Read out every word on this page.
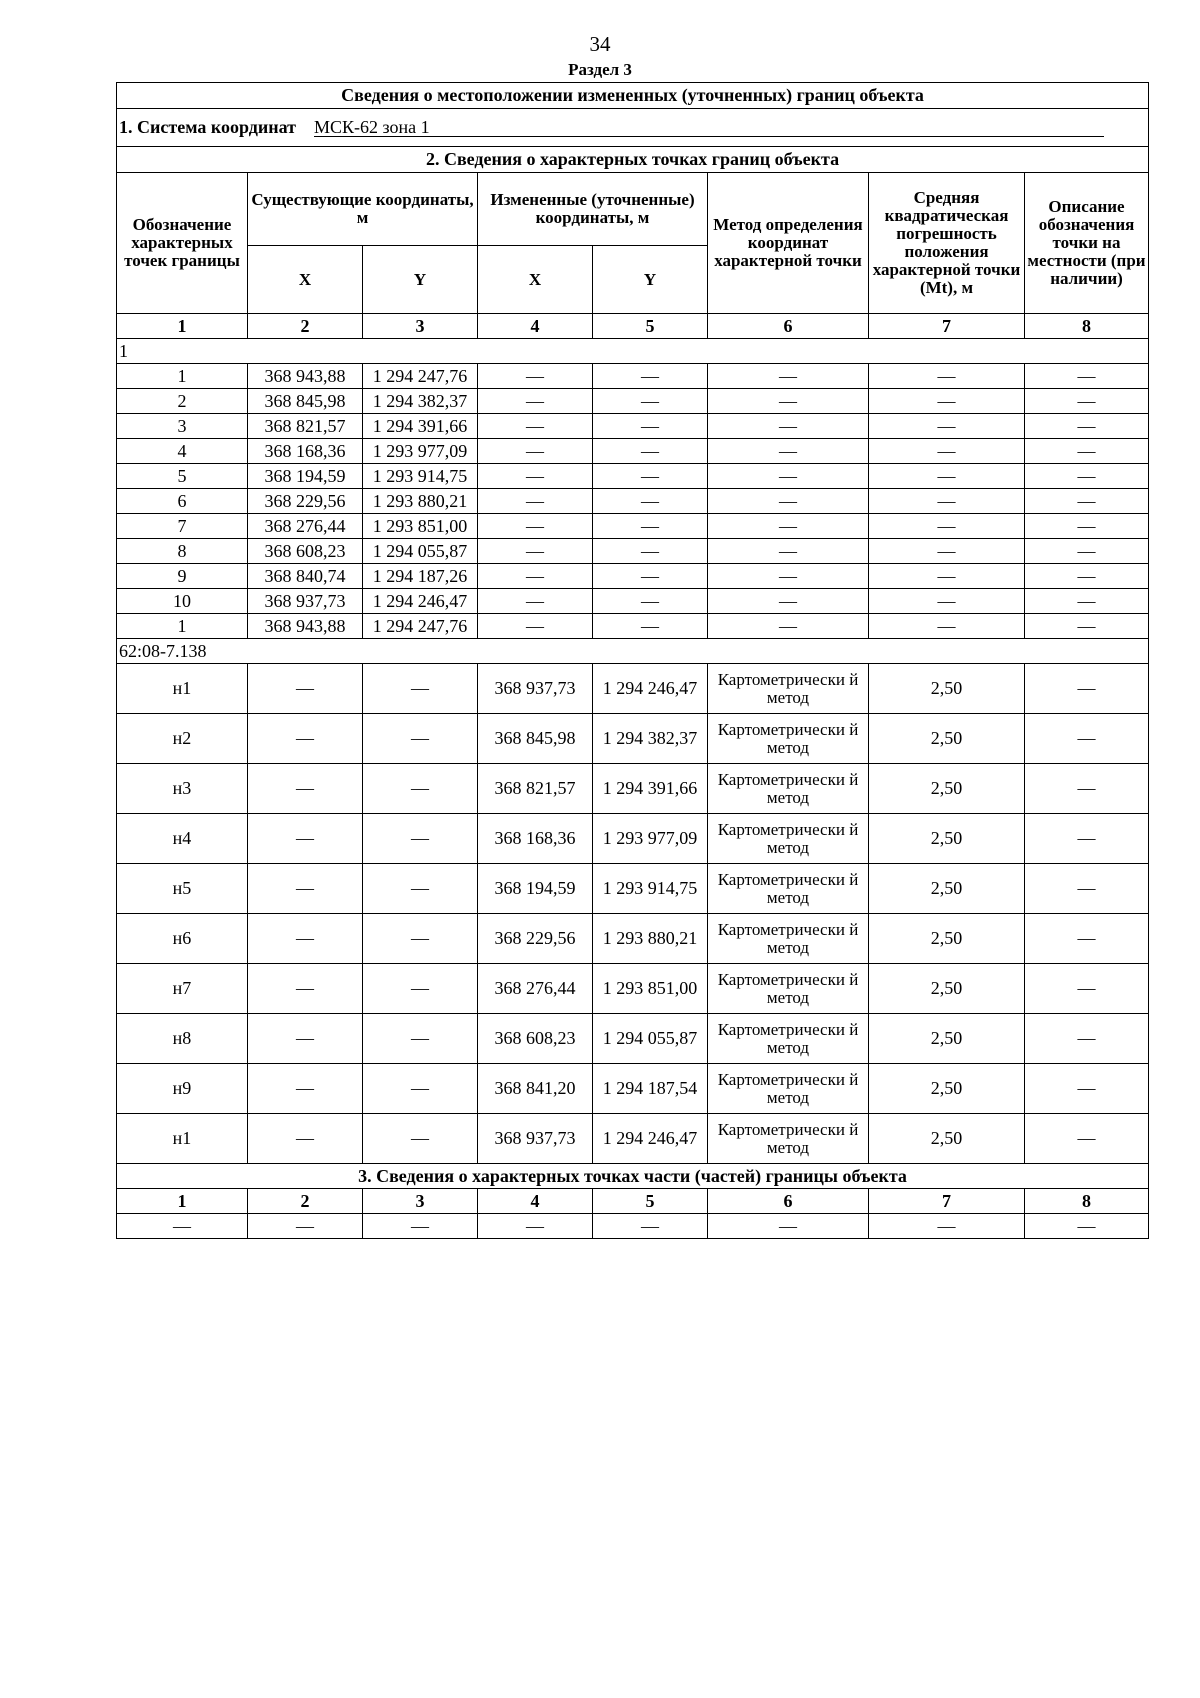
34
Раздел 3
Сведения о местоположении измененных (уточненных) границ объекта							
1. Система координат МСК-62 зона 1							
2. Сведения о характерных точках границ объекта							
Обозначение характерных точек границы	Существующие координаты, м		Измененные (уточненные) координаты, м		Метод определения координат характерной точки	Средняя квадратическая погрешность положения характерной точки (Mt), м	Описание обозначения точки на местности (при наличии)
	X	Y	X	Y			
1	2	3	4	5	6	7	8
1							
1	368 943,88	1 294 247,76	—	—	—	—	—
2	368 845,98	1 294 382,37	—	—	—	—	—
3	368 821,57	1 294 391,66	—	—	—	—	—
4	368 168,36	1 293 977,09	—	—	—	—	—
5	368 194,59	1 293 914,75	—	—	—	—	—
6	368 229,56	1 293 880,21	—	—	—	—	—
7	368 276,44	1 293 851,00	—	—	—	—	—
8	368 608,23	1 294 055,87	—	—	—	—	—
9	368 840,74	1 294 187,26	—	—	—	—	—
10	368 937,73	1 294 246,47	—	—	—	—	—
1	368 943,88	1 294 247,76	—	—	—	—	—
62:08-7.138							
н1	—	—	368 937,73	1 294 246,47	Картометрически й метод	2,50	—
н2	—	—	368 845,98	1 294 382,37	Картометрически й метод	2,50	—
н3	—	—	368 821,57	1 294 391,66	Картометрически й метод	2,50	—
н4	—	—	368 168,36	1 293 977,09	Картометрически й метод	2,50	—
н5	—	—	368 194,59	1 293 914,75	Картометрически й метод	2,50	—
н6	—	—	368 229,56	1 293 880,21	Картометрически й метод	2,50	—
н7	—	—	368 276,44	1 293 851,00	Картометрически й метод	2,50	—
н8	—	—	368 608,23	1 294 055,87	Картометрически й метод	2,50	—
н9	—	—	368 841,20	1 294 187,54	Картометрически й метод	2,50	—
н1	—	—	368 937,73	1 294 246,47	Картометрически й метод	2,50	—
3. Сведения о характерных точках части (частей) границы объекта							
1	2	3	4	5	6	7	8
—	—	—	—	—	—	—	—
